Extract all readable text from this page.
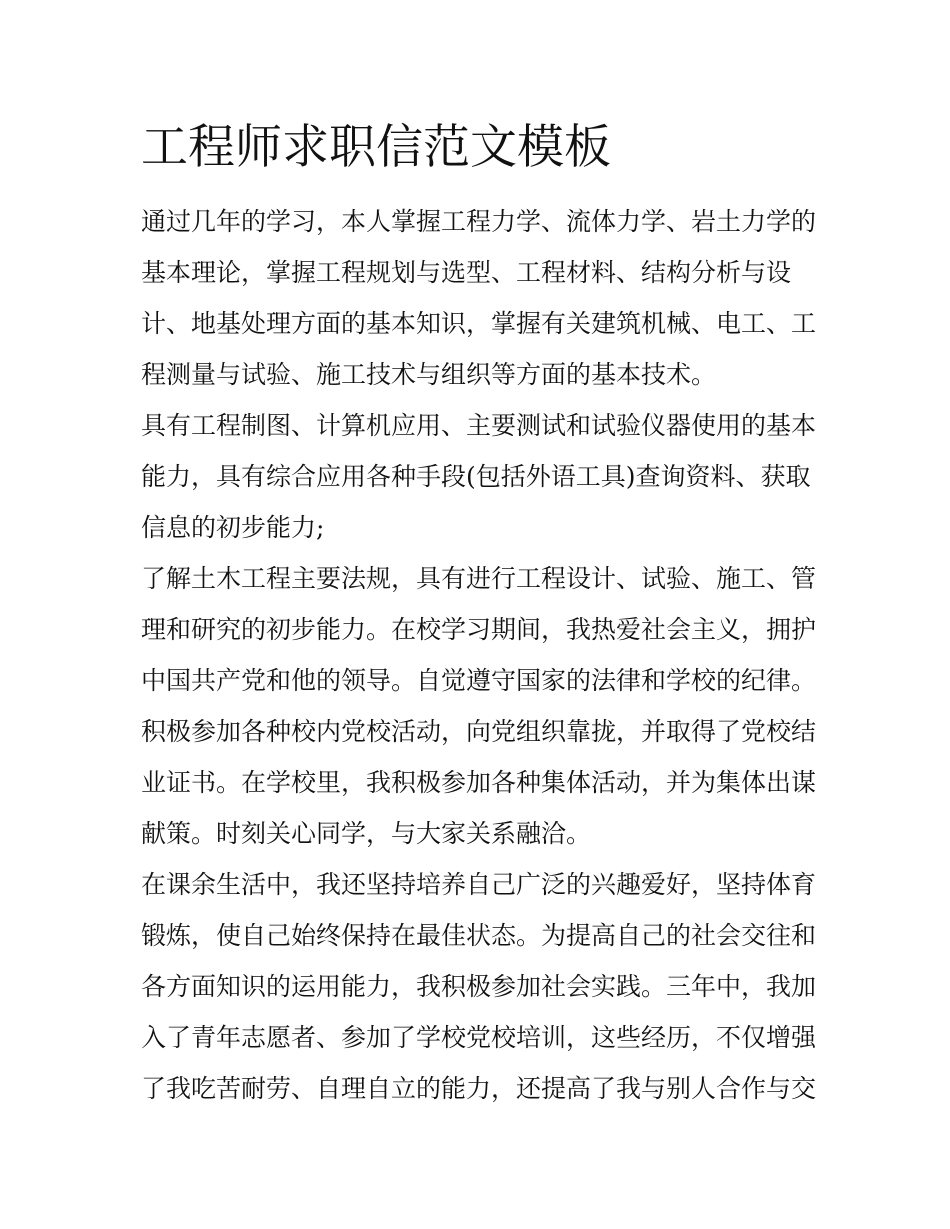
工程师求职信范文模板
通过几年的学习，本人掌握工程力学、流体力学、岩土力学的
基本理论，掌握工程规划与选型、工程材料、结构分析与设
计、地基处理方面的基本知识，掌握有关建筑机械、电工、工
程测量与试验、施工技术与组织等方面的基本技术。
具有工程制图、计算机应用、主要测试和试验仪器使用的基本
能力，具有综合应用各种手段(包括外语工具)查询资料、获取
信息的初步能力;
了解土木工程主要法规，具有进行工程设计、试验、施工、管
理和研究的初步能力。在校学习期间，我热爱社会主义，拥护
中国共产党和他的领导。自觉遵守国家的法律和学校的纪律。
积极参加各种校内党校活动，向党组织靠拢，并取得了党校结
业证书。在学校里，我积极参加各种集体活动，并为集体出谋
献策。时刻关心同学，与大家关系融洽。
在课余生活中，我还坚持培养自己广泛的兴趣爱好，坚持体育
锻炼，使自己始终保持在最佳状态。为提高自己的社会交往和
各方面知识的运用能力，我积极参加社会实践。三年中，我加
入了青年志愿者、参加了学校党校培训，这些经历，不仅增强
了我吃苦耐劳、自理自立的能力，还提高了我与别人合作与交
